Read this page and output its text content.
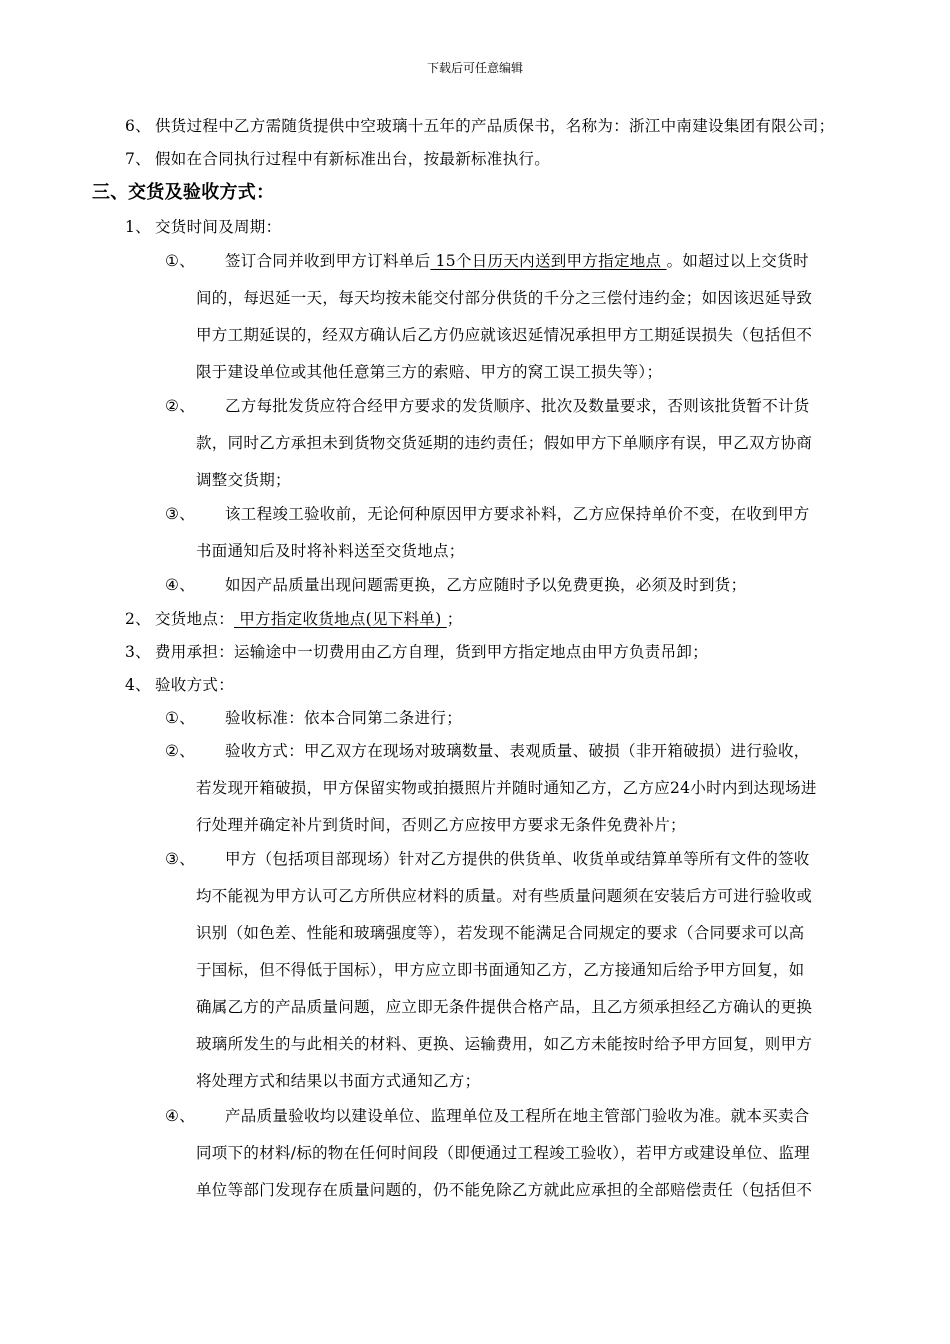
下载后可任意编辑
6、 供货过程中乙方需随货提供中空玻璃十五年的产品质保书，名称为：浙江中南建设集团有限公司；
7、 假如在合同执行过程中有新标准出台，按最新标准执行。
三、交货及验收方式：
1、 交货时间及周期：
①、 签订合同并收到甲方订料单后 15个日历天内送到甲方指定地点 。如超过以上交货时
间的，每迟延一天，每天均按未能交付部分供货的千分之三偿付违约金；如因该迟延导致
甲方工期延误的，经双方确认后乙方仍应就该迟延情况承担甲方工期延误损失（包括但不
限于建设单位或其他任意第三方的索赔、甲方的窝工误工损失等）；
②、 乙方每批发货应符合经甲方要求的发货顺序、批次及数量要求，否则该批货暂不计货
款，同时乙方承担未到货物交货延期的违约责任；假如甲方下单顺序有误，甲乙双方协商
调整交货期；
③、 该工程竣工验收前，无论何种原因甲方要求补料，乙方应保持单价不变，在收到甲方
书面通知后及时将补料送至交货地点；
④、 如因产品质量出现问题需更换，乙方应随时予以免费更换，必须及时到货；
2、 交货地点： 甲方指定收货地点(见下料单) ；
3、 费用承担：运输途中一切费用由乙方自理，货到甲方指定地点由甲方负责吊卸；
4、 验收方式：
①、 验收标准：依本合同第二条进行；
②、 验收方式：甲乙双方在现场对玻璃数量、表观质量、破损（非开箱破损）进行验收，
若发现开箱破损，甲方保留实物或拍摄照片并随时通知乙方，乙方应24小时内到达现场进
行处理并确定补片到货时间，否则乙方应按甲方要求无条件免费补片；
③、 甲方（包括项目部现场）针对乙方提供的供货单、收货单或结算单等所有文件的签收
均不能视为甲方认可乙方所供应材料的质量。对有些质量问题须在安装后方可进行验收或
识别（如色差、性能和玻璃强度等），若发现不能满足合同规定的要求（合同要求可以高
于国标，但不得低于国标），甲方应立即书面通知乙方，乙方接通知后给予甲方回复，如
确属乙方的产品质量问题，应立即无条件提供合格产品，且乙方须承担经乙方确认的更换
玻璃所发生的与此相关的材料、更换、运输费用，如乙方未能按时给予甲方回复，则甲方
将处理方式和结果以书面方式通知乙方；
④、 产品质量验收均以建设单位、监理单位及工程所在地主管部门验收为准。就本买卖合
同项下的材料/标的物在任何时间段（即便通过工程竣工验收），若甲方或建设单位、监理
单位等部门发现存在质量问题的，仍不能免除乙方就此应承担的全部赔偿责任（包括但不
